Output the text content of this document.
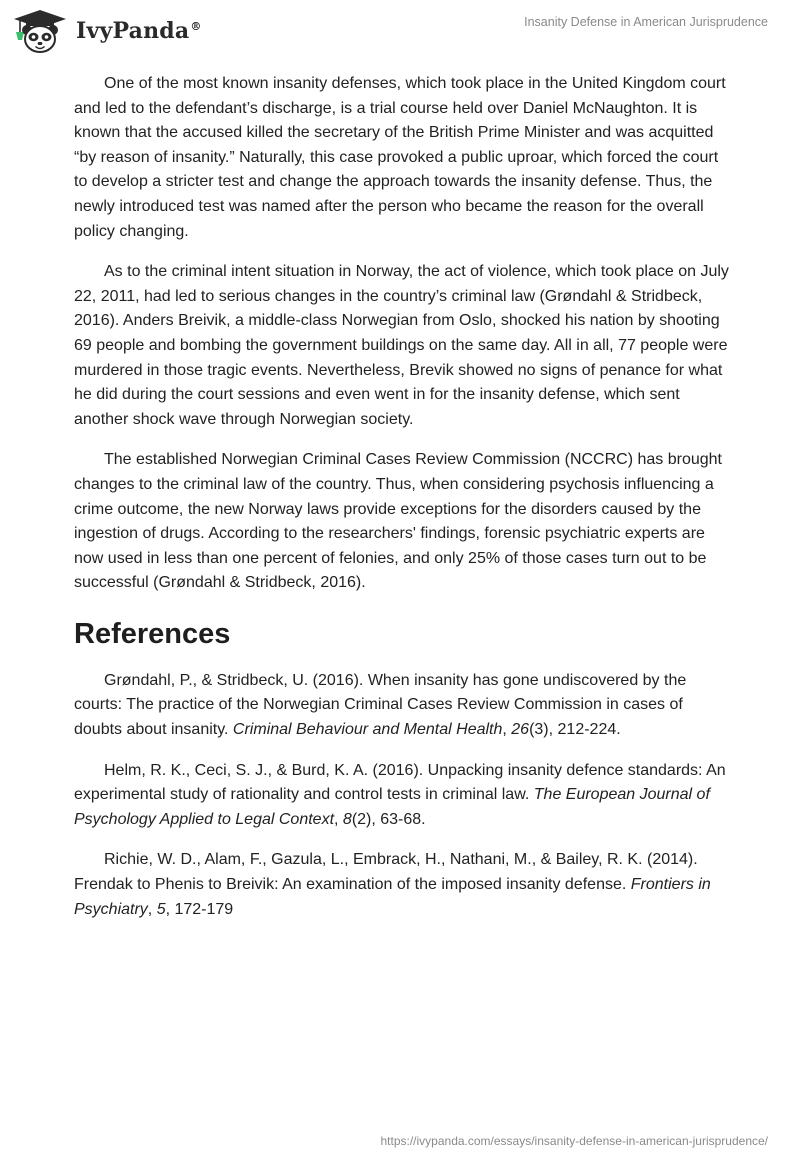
IvyPanda®	Insanity Defense in American Jurisprudence

One of the most known insanity defenses, which took place in the United Kingdom court and led to the defendant’s discharge, is a trial course held over Daniel McNaughton. It is known that the accused killed the secretary of the British Prime Minister and was acquitted “by reason of insanity.” Naturally, this case provoked a public uproar, which forced the court to develop a stricter test and change the approach towards the insanity defense. Thus, the newly introduced test was named after the person who became the reason for the overall policy changing.

As to the criminal intent situation in Norway, the act of violence, which took place on July 22, 2011, had led to serious changes in the country’s criminal law (Grøndahl & Stridbeck, 2016). Anders Breivik, a middle-class Norwegian from Oslo, shocked his nation by shooting 69 people and bombing the government buildings on the same day. All in all, 77 people were murdered in those tragic events. Nevertheless, Brevik showed no signs of penance for what he did during the court sessions and even went in for the insanity defense, which sent another shock wave through Norwegian society.

The established Norwegian Criminal Cases Review Commission (NCCRC) has brought changes to the criminal law of the country. Thus, when considering psychosis influencing a crime outcome, the new Norway laws provide exceptions for the disorders caused by the ingestion of drugs. According to the researchers' findings, forensic psychiatric experts are now used in less than one percent of felonies, and only 25% of those cases turn out to be successful (Grøndahl & Stridbeck, 2016).

References

Grøndahl, P., & Stridbeck, U. (2016). When insanity has gone undiscovered by the courts: The practice of the Norwegian Criminal Cases Review Commission in cases of doubts about insanity. Criminal Behaviour and Mental Health, 26(3), 212-224.

Helm, R. K., Ceci, S. J., & Burd, K. A. (2016). Unpacking insanity defence standards: An experimental study of rationality and control tests in criminal law. The European Journal of Psychology Applied to Legal Context, 8(2), 63-68.

Richie, W. D., Alam, F., Gazula, L., Embrack, H., Nathani, M., & Bailey, R. K. (2014). Frendak to Phenis to Breivik: An examination of the imposed insanity defense. Frontiers in Psychiatry, 5, 172-179

https://ivypanda.com/essays/insanity-defense-in-american-jurisprudence/
